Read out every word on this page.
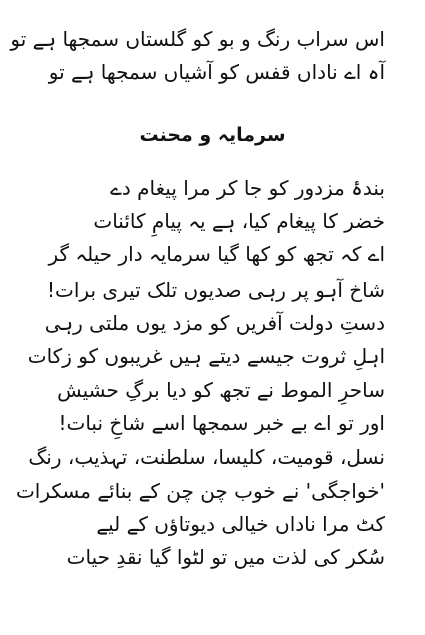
اس سراب رنگ و بو کو گلستاں سمجھا ہے تو
آہ اے ناداں قفس کو آشیاں سمجھا ہے تو
سرمایہ و محنت
بندۂ مزدور کو جا کر مرا پیغام دے
خضر کا پیغام کیا، ہے یہ پیامِ کائنات
اے کہ تجھ کو کھا گیا سرمایہ دار حیلہ گر
شاخ آہو پر رہی صدیوں تلک تیری برات!
دستِ دولت آفریں کو مزد یوں ملتی رہی
اہلِ ثروت جیسے دیتے ہیں غریبوں کو زکات
ساحرِ الموط نے تجھ کو دیا برگِ حشیش
اور تو اے بے خبر سمجھا اسے شاخِ نبات!
نسل، قومیت، کلیسا، سلطنت، تہذیب، رنگ
'خواجگی' نے خوب چن چن کے بنائے مسکرات
کٹ مرا ناداں خیالی دیوتاؤں کے لیے
سُکر کی لذت میں تو لٹوا گیا نقدِ حیات
